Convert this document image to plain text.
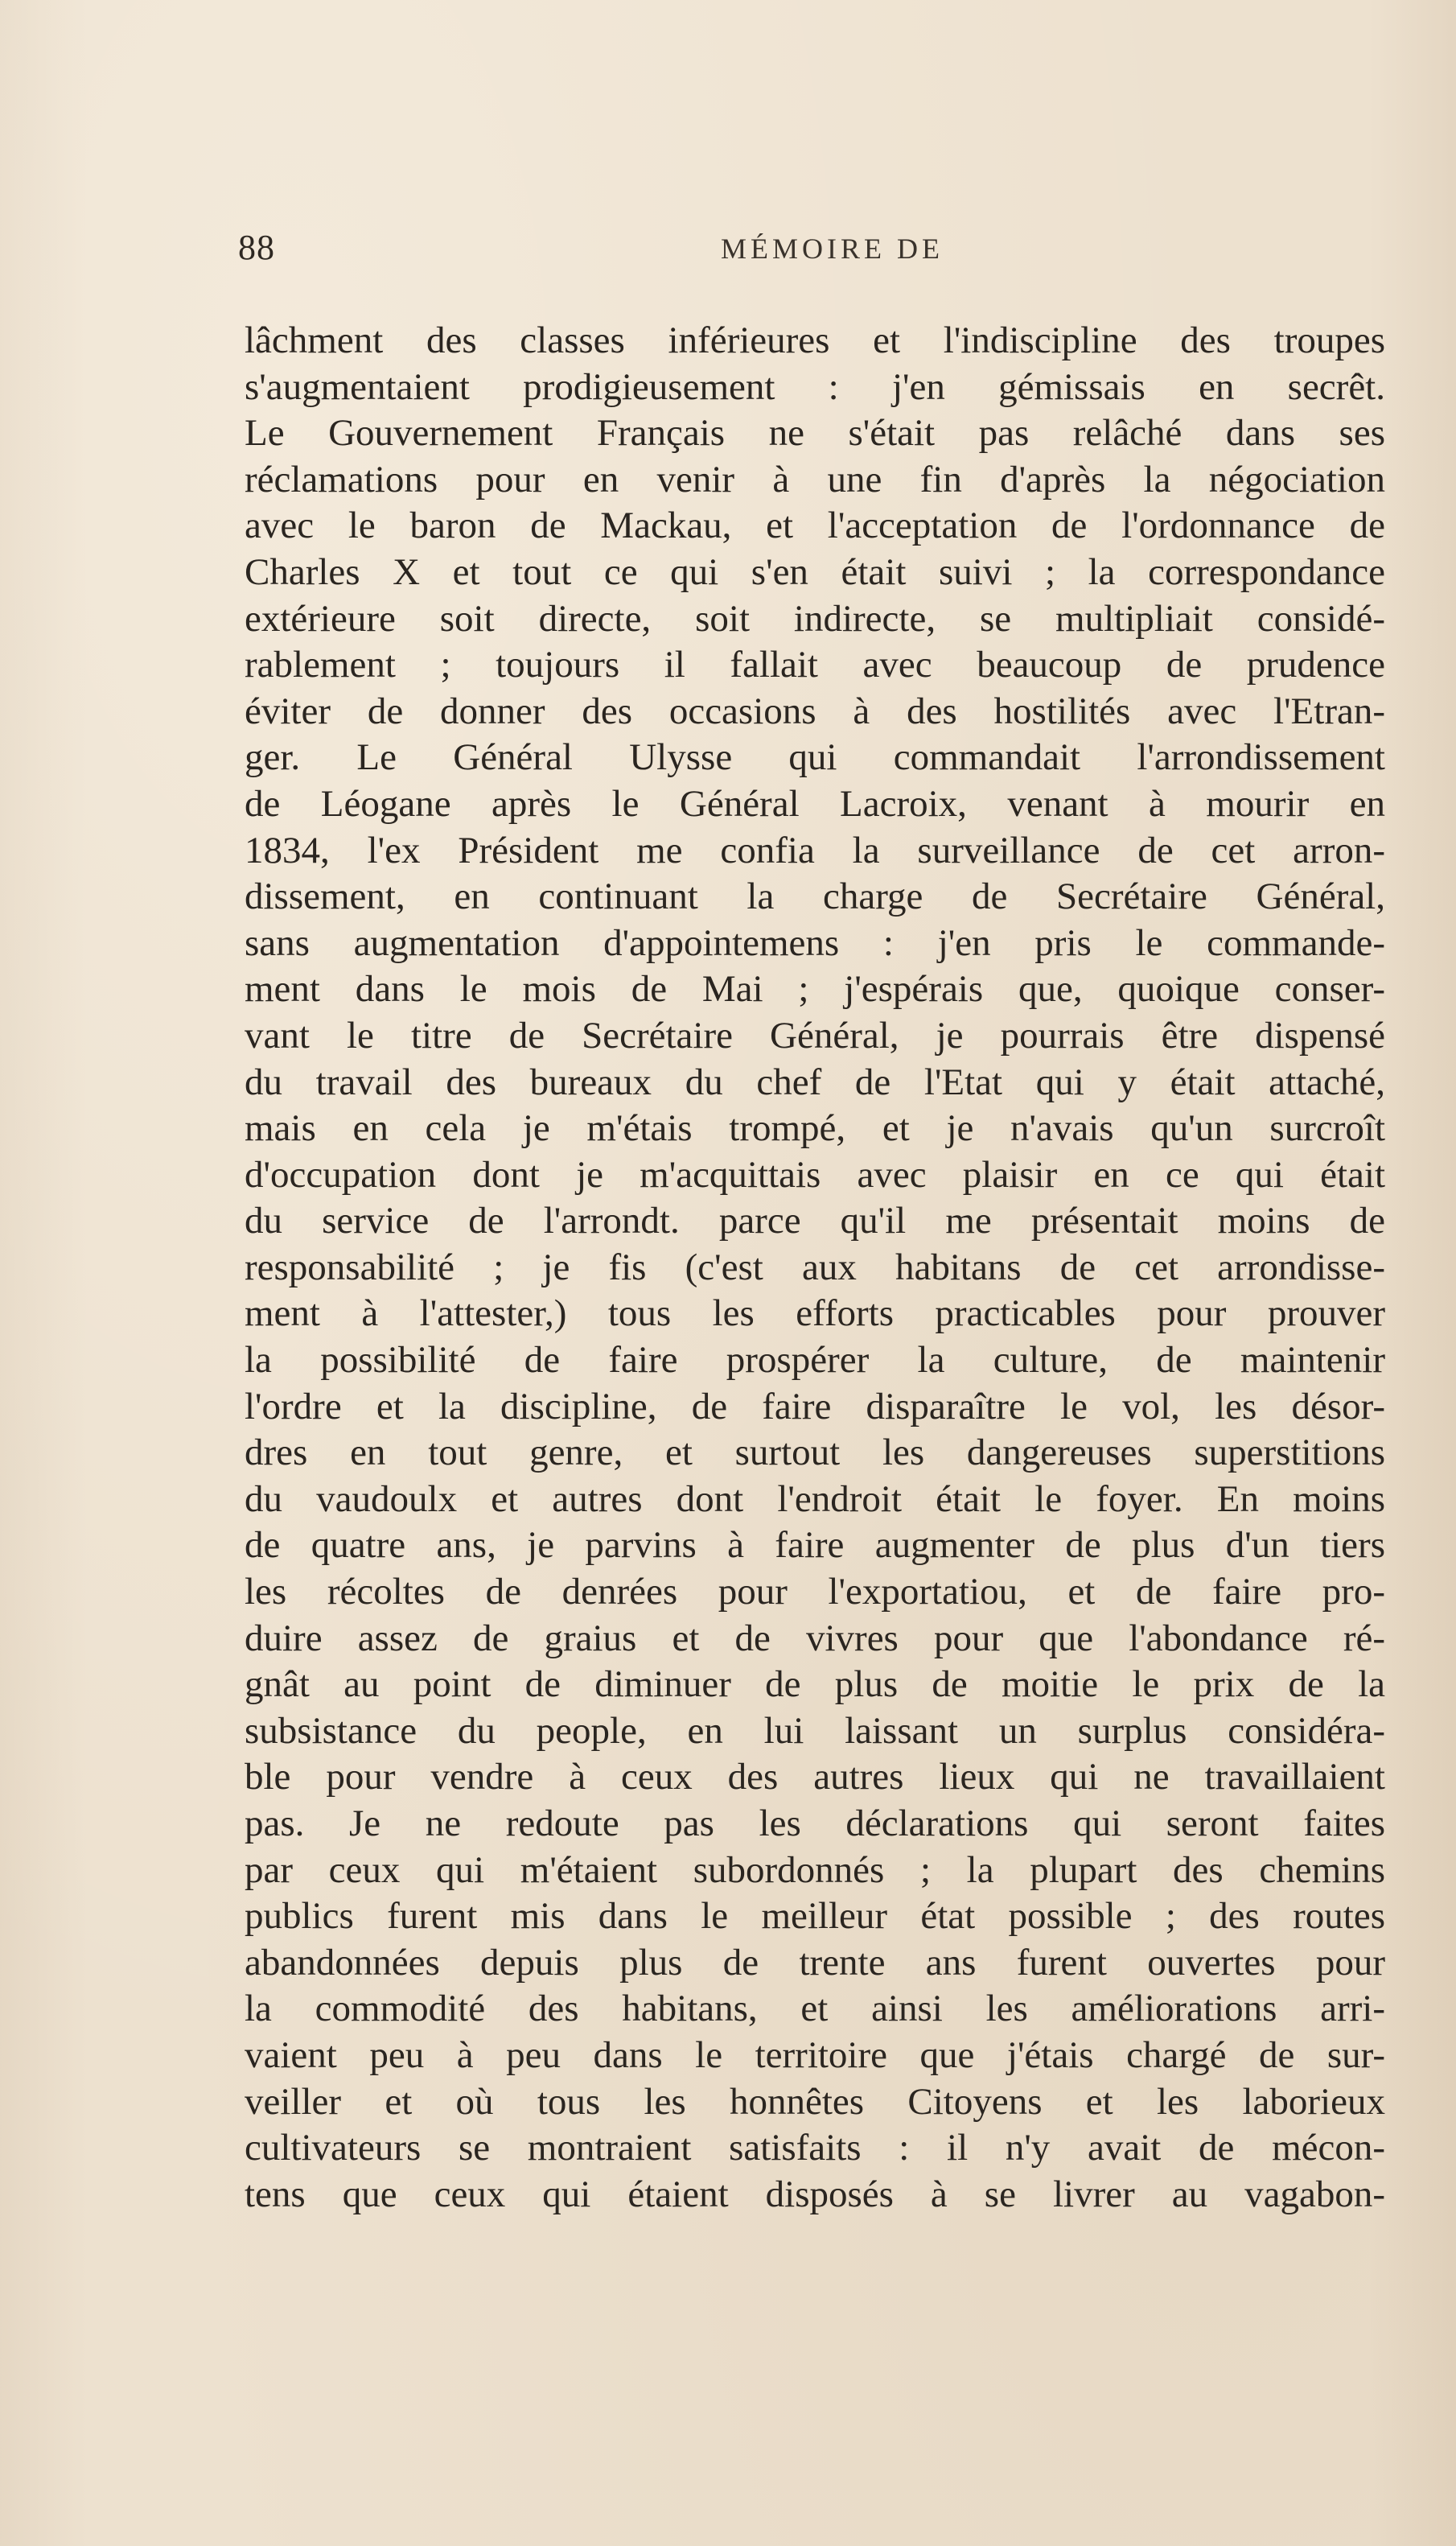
88	MÉMOIRE DE
lâchment des classes inférieures et l'indiscipline des troupes
s'augmentaient prodigieusement : j'en gémissais en secrêt.
Le Gouvernement Français ne s'était pas relâché dans ses
réclamations pour en venir à une fin d'après la négociation
avec le baron de Mackau, et l'acceptation de l'ordonnance de
Charles X et tout ce qui s'en était suivi ; la correspondance
extérieure soit directe, soit indirecte, se multipliait considé-
rablement ; toujours il fallait avec beaucoup de prudence
éviter de donner des occasions à des hostilités avec l'Etran-
ger. Le Général Ulysse qui commandait l'arrondissement
de Léogane après le Général Lacroix, venant à mourir en
1834, l'ex Président me confia la surveillance de cet arron-
dissement, en continuant la charge de Secrétaire Général,
sans augmentation d'appointemens : j'en pris le commande-
ment dans le mois de Mai ; j'espérais que, quoique conser-
vant le titre de Secrétaire Général, je pourrais être dispensé
du travail des bureaux du chef de l'Etat qui y était attaché,
mais en cela je m'étais trompé, et je n'avais qu'un surcroît
d'occupation dont je m'acquittais avec plaisir en ce qui était
du service de l'arrondt. parce qu'il me présentait moins de
responsabilité ; je fis (c'est aux habitans de cet arrondisse-
ment à l'attester,) tous les efforts practicables pour prouver
la possibilité de faire prospérer la culture, de maintenir
l'ordre et la discipline, de faire disparaître le vol, les désor-
dres en tout genre, et surtout les dangereuses superstitions
du vaudoulx et autres dont l'endroit était le foyer. En moins
de quatre ans, je parvins à faire augmenter de plus d'un tiers
les récoltes de denrées pour l'exportatiou, et de faire pro-
duire assez de graius et de vivres pour que l'abondance ré-
gnât au point de diminuer de plus de moitie le prix de la
subsistance du people, en lui laissant un surplus considéra-
ble pour vendre à ceux des autres lieux qui ne travaillaient
pas. Je ne redoute pas les déclarations qui seront faites
par ceux qui m'étaient subordonnés ; la plupart des chemins
publics furent mis dans le meilleur état possible ; des routes
abandonnées depuis plus de trente ans furent ouvertes pour
la commodité des habitans, et ainsi les améliorations arri-
vaient peu à peu dans le territoire que j'étais chargé de sur-
veiller et où tous les honnêtes Citoyens et les laborieux
cultivateurs se montraient satisfaits : il n'y avait de mécon-
tens que ceux qui étaient disposés à se livrer au vagabon-
